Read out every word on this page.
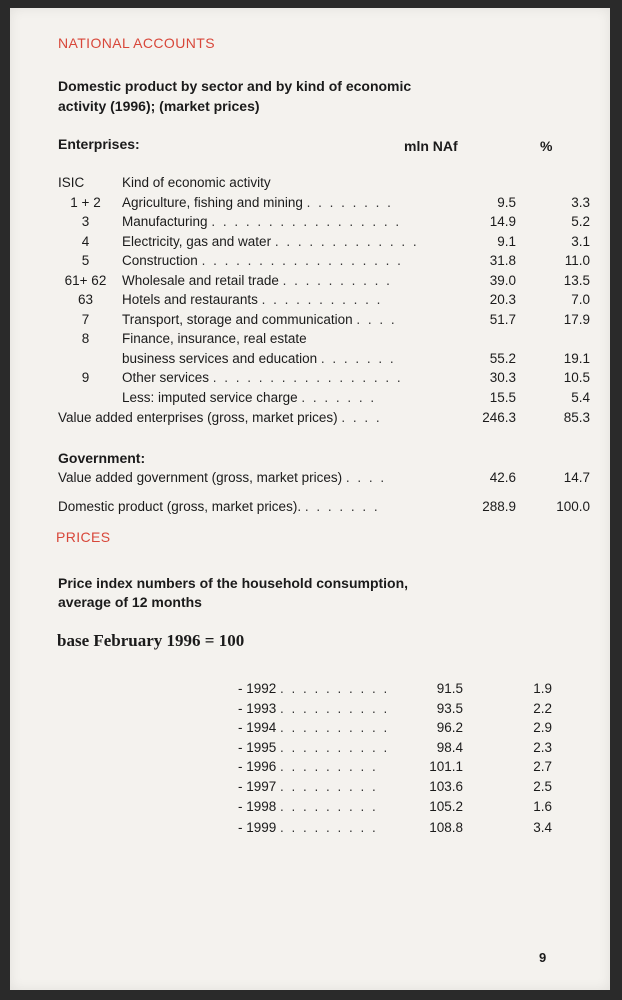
NATIONAL ACCOUNTS
Domestic product by sector and by kind of economic
activity (1996); (market prices)
Enterprises:	mln NAf	%
ISIC	Kind of economic activity
1 + 2	Agriculture, fishing and mining . . . . . . . .	9.5	3.3
3	Manufacturing . . . . . . . . . . . . . . . . .	14.9	5.2
4	Electricity, gas and water . . . . . . . . . . . . .	9.1	3.1
5	Construction . . . . . . . . . . . . . . . . . .	31.8	11.0
61+ 62	Wholesale and retail trade . . . . . . . . . .	39.0	13.5
63	Hotels and restaurants . . . . . . . . . . .	20.3	7.0
7	Transport, storage and communication . . . .	51.7	17.9
8	Finance, insurance, real estate
business services and education . . . . . . .	55.2	19.1
9	Other services . . . . . . . . . . . . . . . . .	30.3	10.5
Less: imputed service charge . . . . . . .	15.5	5.4
Value added enterprises (gross, market prices) . . . .	246.3	85.3
Government:
Value added government (gross, market prices) . . . .	42.6	14.7
Domestic product (gross, market prices). . . . . . . .	288.9	100.0
PRICES
Price index numbers of the household consumption,
average of 12 months
base February 1996 = 100
- 1992 . . . . . . . . . .	91.5	1.9
- 1993 . . . . . . . . . .	93.5	2.2
- 1994 . . . . . . . . . .	96.2	2.9
- 1995 . . . . . . . . . .	98.4	2.3
- 1996 . . . . . . . . .	101.1	2.7
- 1997 . . . . . . . . .	103.6	2.5
- 1998 . . . . . . . . .	105.2	1.6
- 1999 . . . . . . . . .	108.8	3.4
9
